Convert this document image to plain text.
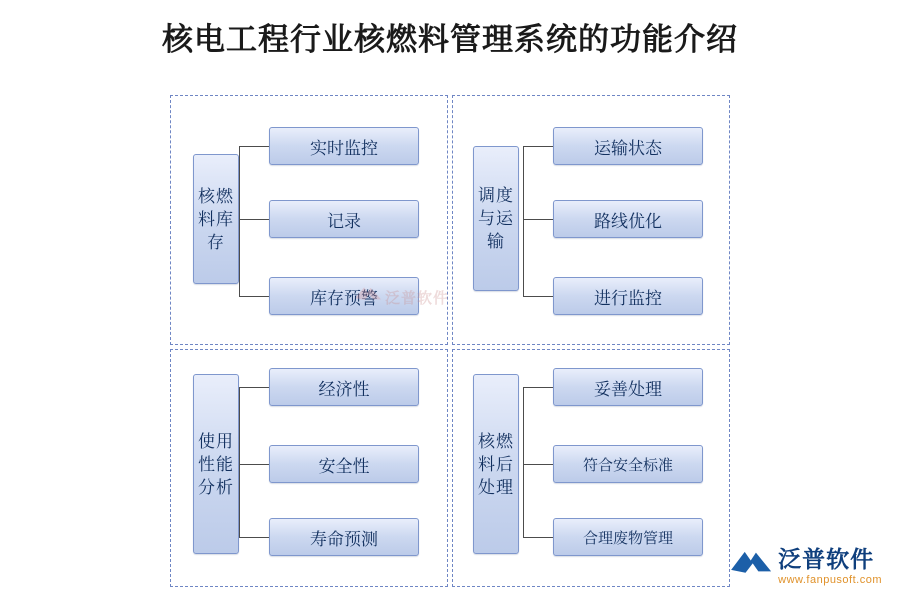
核电工程行业核燃料管理系统的功能介绍
核燃料库存
实时监控
记录
库存预警
调度与运输
运输状态
路线优化
进行监控
使用性能分析
经济性
安全性
寿命预测
核燃料后处理
妥善处理
符合安全标准
合理废物管理
泛普软件
泛普软件
www.fanpusoft.com
